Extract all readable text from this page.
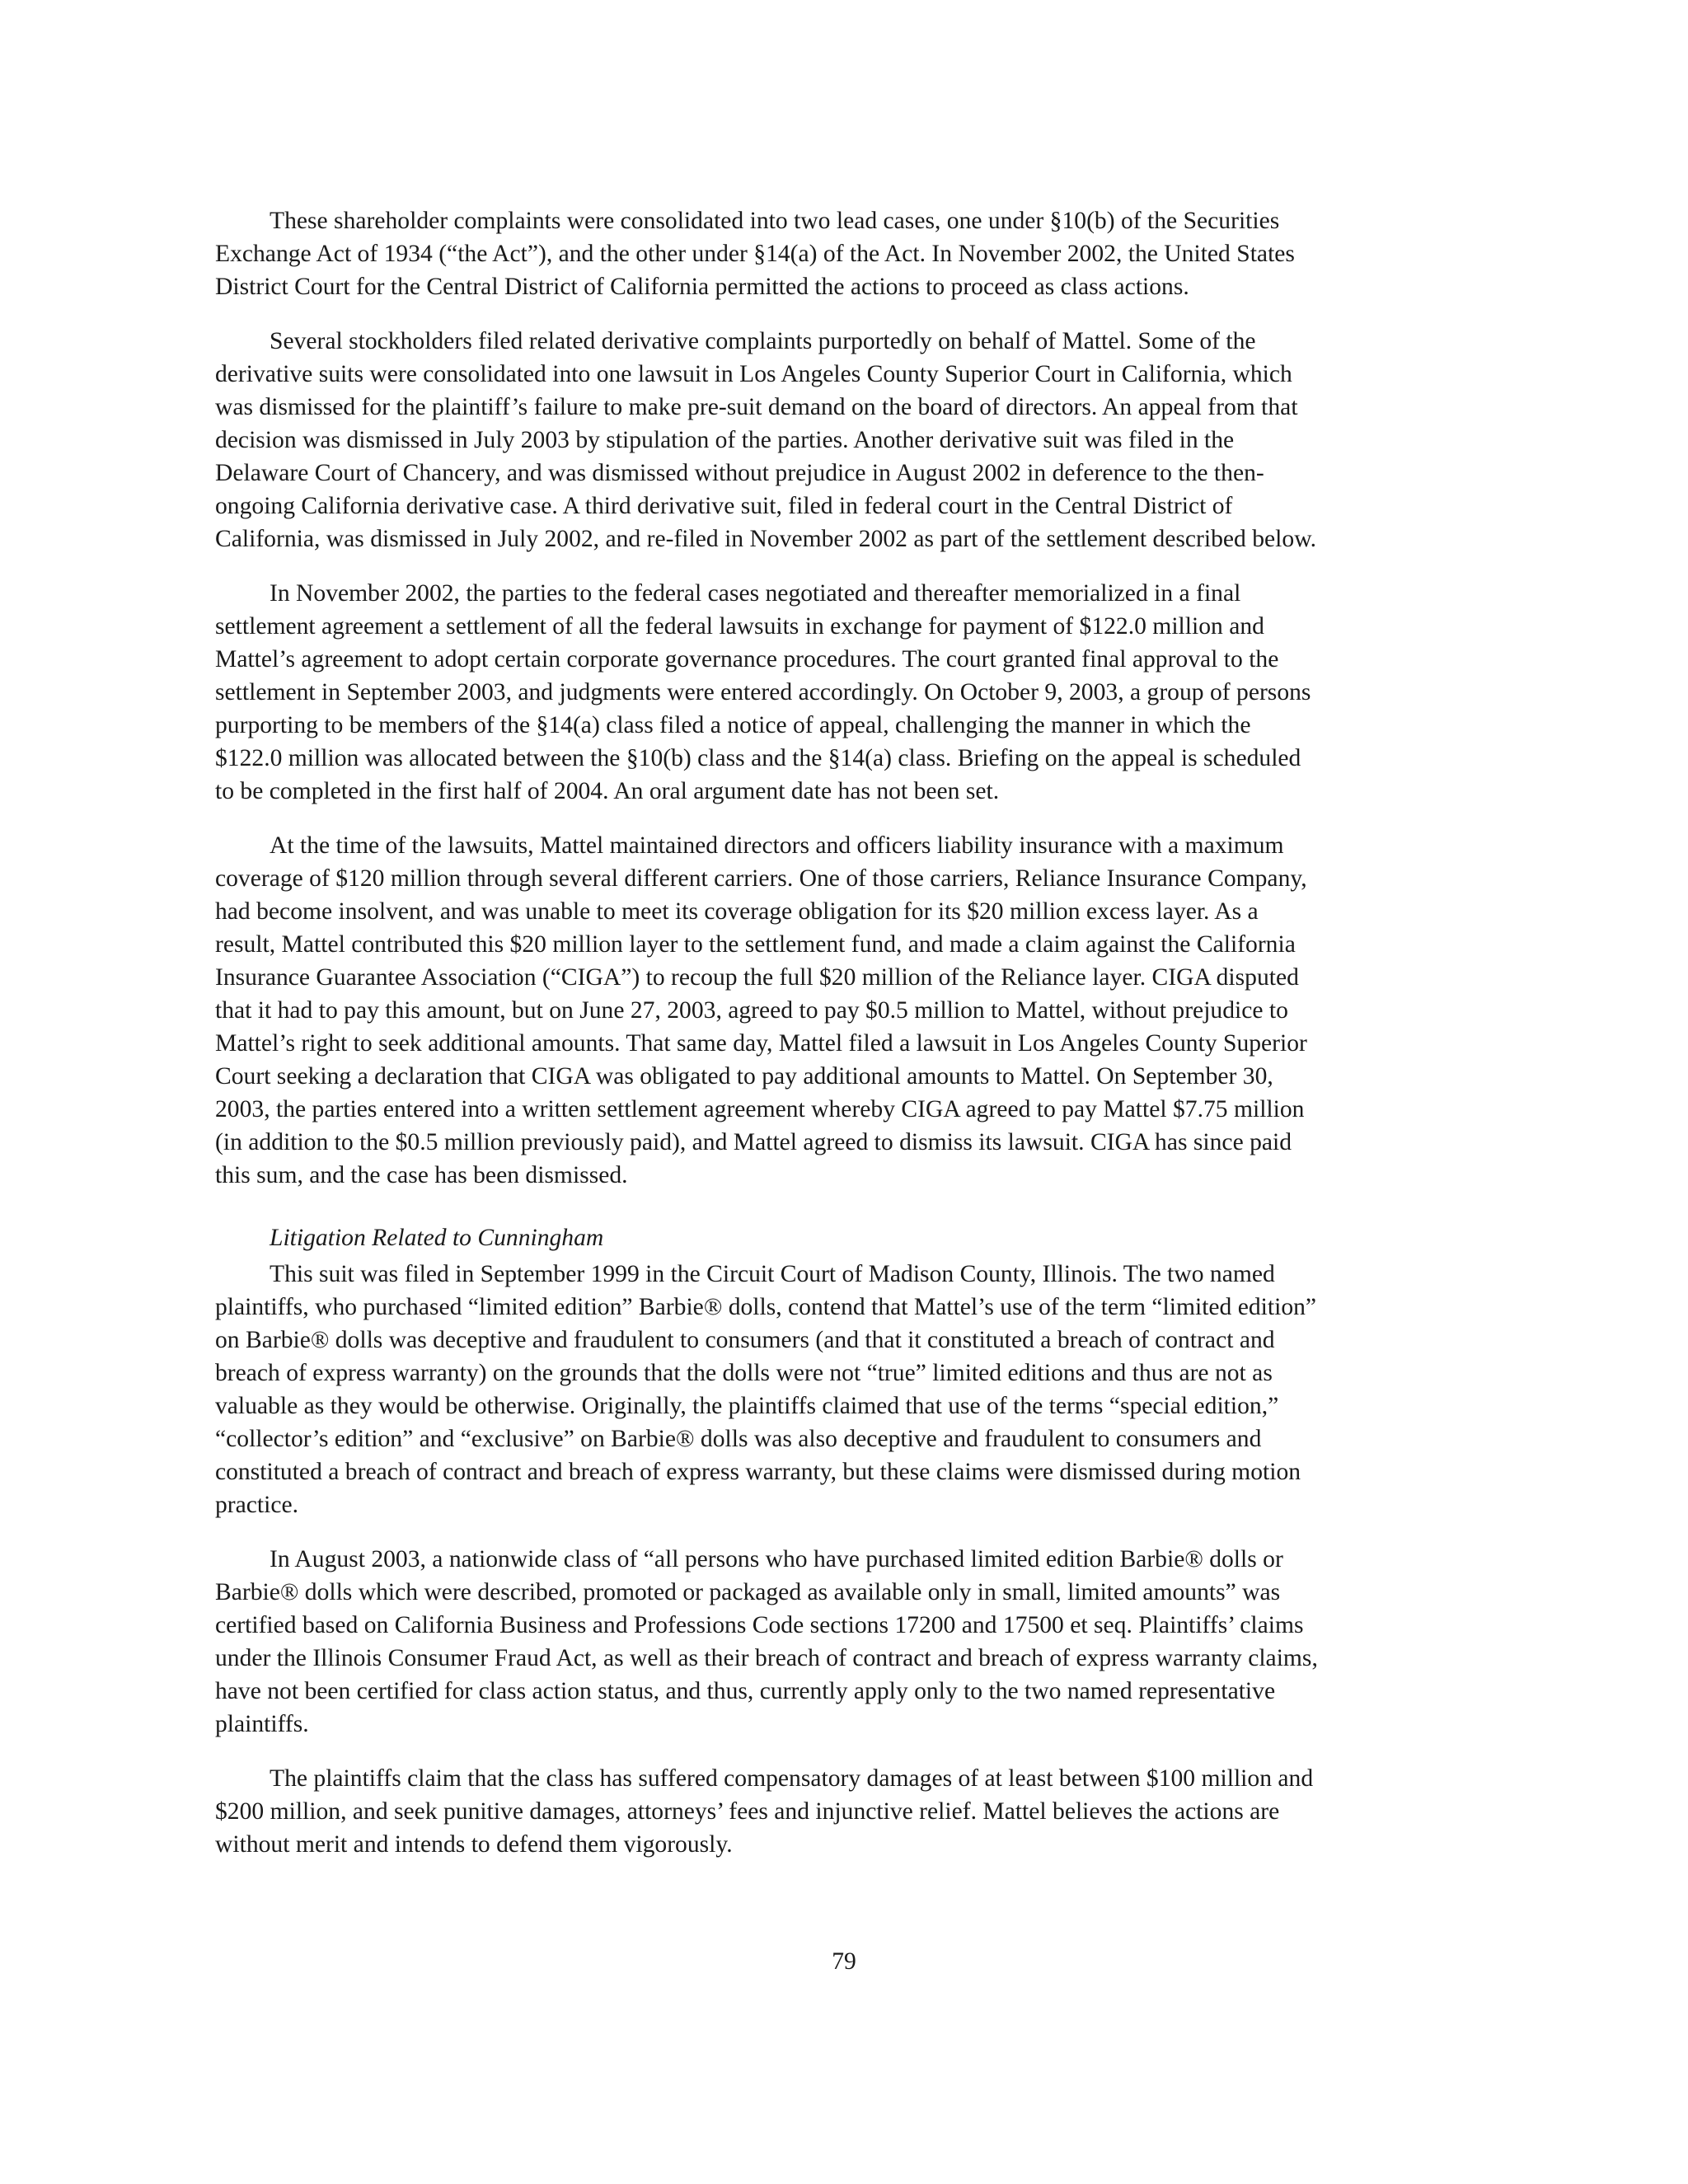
These shareholder complaints were consolidated into two lead cases, one under §10(b) of the Securities
Exchange Act of 1934 (“the Act”), and the other under §14(a) of the Act. In November 2002, the United States
District Court for the Central District of California permitted the actions to proceed as class actions.

Several stockholders filed related derivative complaints purportedly on behalf of Mattel. Some of the
derivative suits were consolidated into one lawsuit in Los Angeles County Superior Court in California, which
was dismissed for the plaintiff’s failure to make pre-suit demand on the board of directors. An appeal from that
decision was dismissed in July 2003 by stipulation of the parties. Another derivative suit was filed in the
Delaware Court of Chancery, and was dismissed without prejudice in August 2002 in deference to the then-
ongoing California derivative case. A third derivative suit, filed in federal court in the Central District of
California, was dismissed in July 2002, and re-filed in November 2002 as part of the settlement described below.

In November 2002, the parties to the federal cases negotiated and thereafter memorialized in a final
settlement agreement a settlement of all the federal lawsuits in exchange for payment of $122.0 million and
Mattel’s agreement to adopt certain corporate governance procedures. The court granted final approval to the
settlement in September 2003, and judgments were entered accordingly. On October 9, 2003, a group of persons
purporting to be members of the §14(a) class filed a notice of appeal, challenging the manner in which the
$122.0 million was allocated between the §10(b) class and the §14(a) class. Briefing on the appeal is scheduled
to be completed in the first half of 2004. An oral argument date has not been set.

At the time of the lawsuits, Mattel maintained directors and officers liability insurance with a maximum
coverage of $120 million through several different carriers. One of those carriers, Reliance Insurance Company,
had become insolvent, and was unable to meet its coverage obligation for its $20 million excess layer. As a
result, Mattel contributed this $20 million layer to the settlement fund, and made a claim against the California
Insurance Guarantee Association (“CIGA”) to recoup the full $20 million of the Reliance layer. CIGA disputed
that it had to pay this amount, but on June 27, 2003, agreed to pay $0.5 million to Mattel, without prejudice to
Mattel’s right to seek additional amounts. That same day, Mattel filed a lawsuit in Los Angeles County Superior
Court seeking a declaration that CIGA was obligated to pay additional amounts to Mattel. On September 30,
2003, the parties entered into a written settlement agreement whereby CIGA agreed to pay Mattel $7.75 million
(in addition to the $0.5 million previously paid), and Mattel agreed to dismiss its lawsuit. CIGA has since paid
this sum, and the case has been dismissed.

Litigation Related to Cunningham

This suit was filed in September 1999 in the Circuit Court of Madison County, Illinois. The two named
plaintiffs, who purchased “limited edition” Barbie® dolls, contend that Mattel’s use of the term “limited edition”
on Barbie® dolls was deceptive and fraudulent to consumers (and that it constituted a breach of contract and
breach of express warranty) on the grounds that the dolls were not “true” limited editions and thus are not as
valuable as they would be otherwise. Originally, the plaintiffs claimed that use of the terms “special edition,”
“collector’s edition” and “exclusive” on Barbie® dolls was also deceptive and fraudulent to consumers and
constituted a breach of contract and breach of express warranty, but these claims were dismissed during motion
practice.

In August 2003, a nationwide class of “all persons who have purchased limited edition Barbie® dolls or
Barbie® dolls which were described, promoted or packaged as available only in small, limited amounts” was
certified based on California Business and Professions Code sections 17200 and 17500 et seq. Plaintiffs’ claims
under the Illinois Consumer Fraud Act, as well as their breach of contract and breach of express warranty claims,
have not been certified for class action status, and thus, currently apply only to the two named representative
plaintiffs.

The plaintiffs claim that the class has suffered compensatory damages of at least between $100 million and
$200 million, and seek punitive damages, attorneys’ fees and injunctive relief. Mattel believes the actions are
without merit and intends to defend them vigorously.

79
